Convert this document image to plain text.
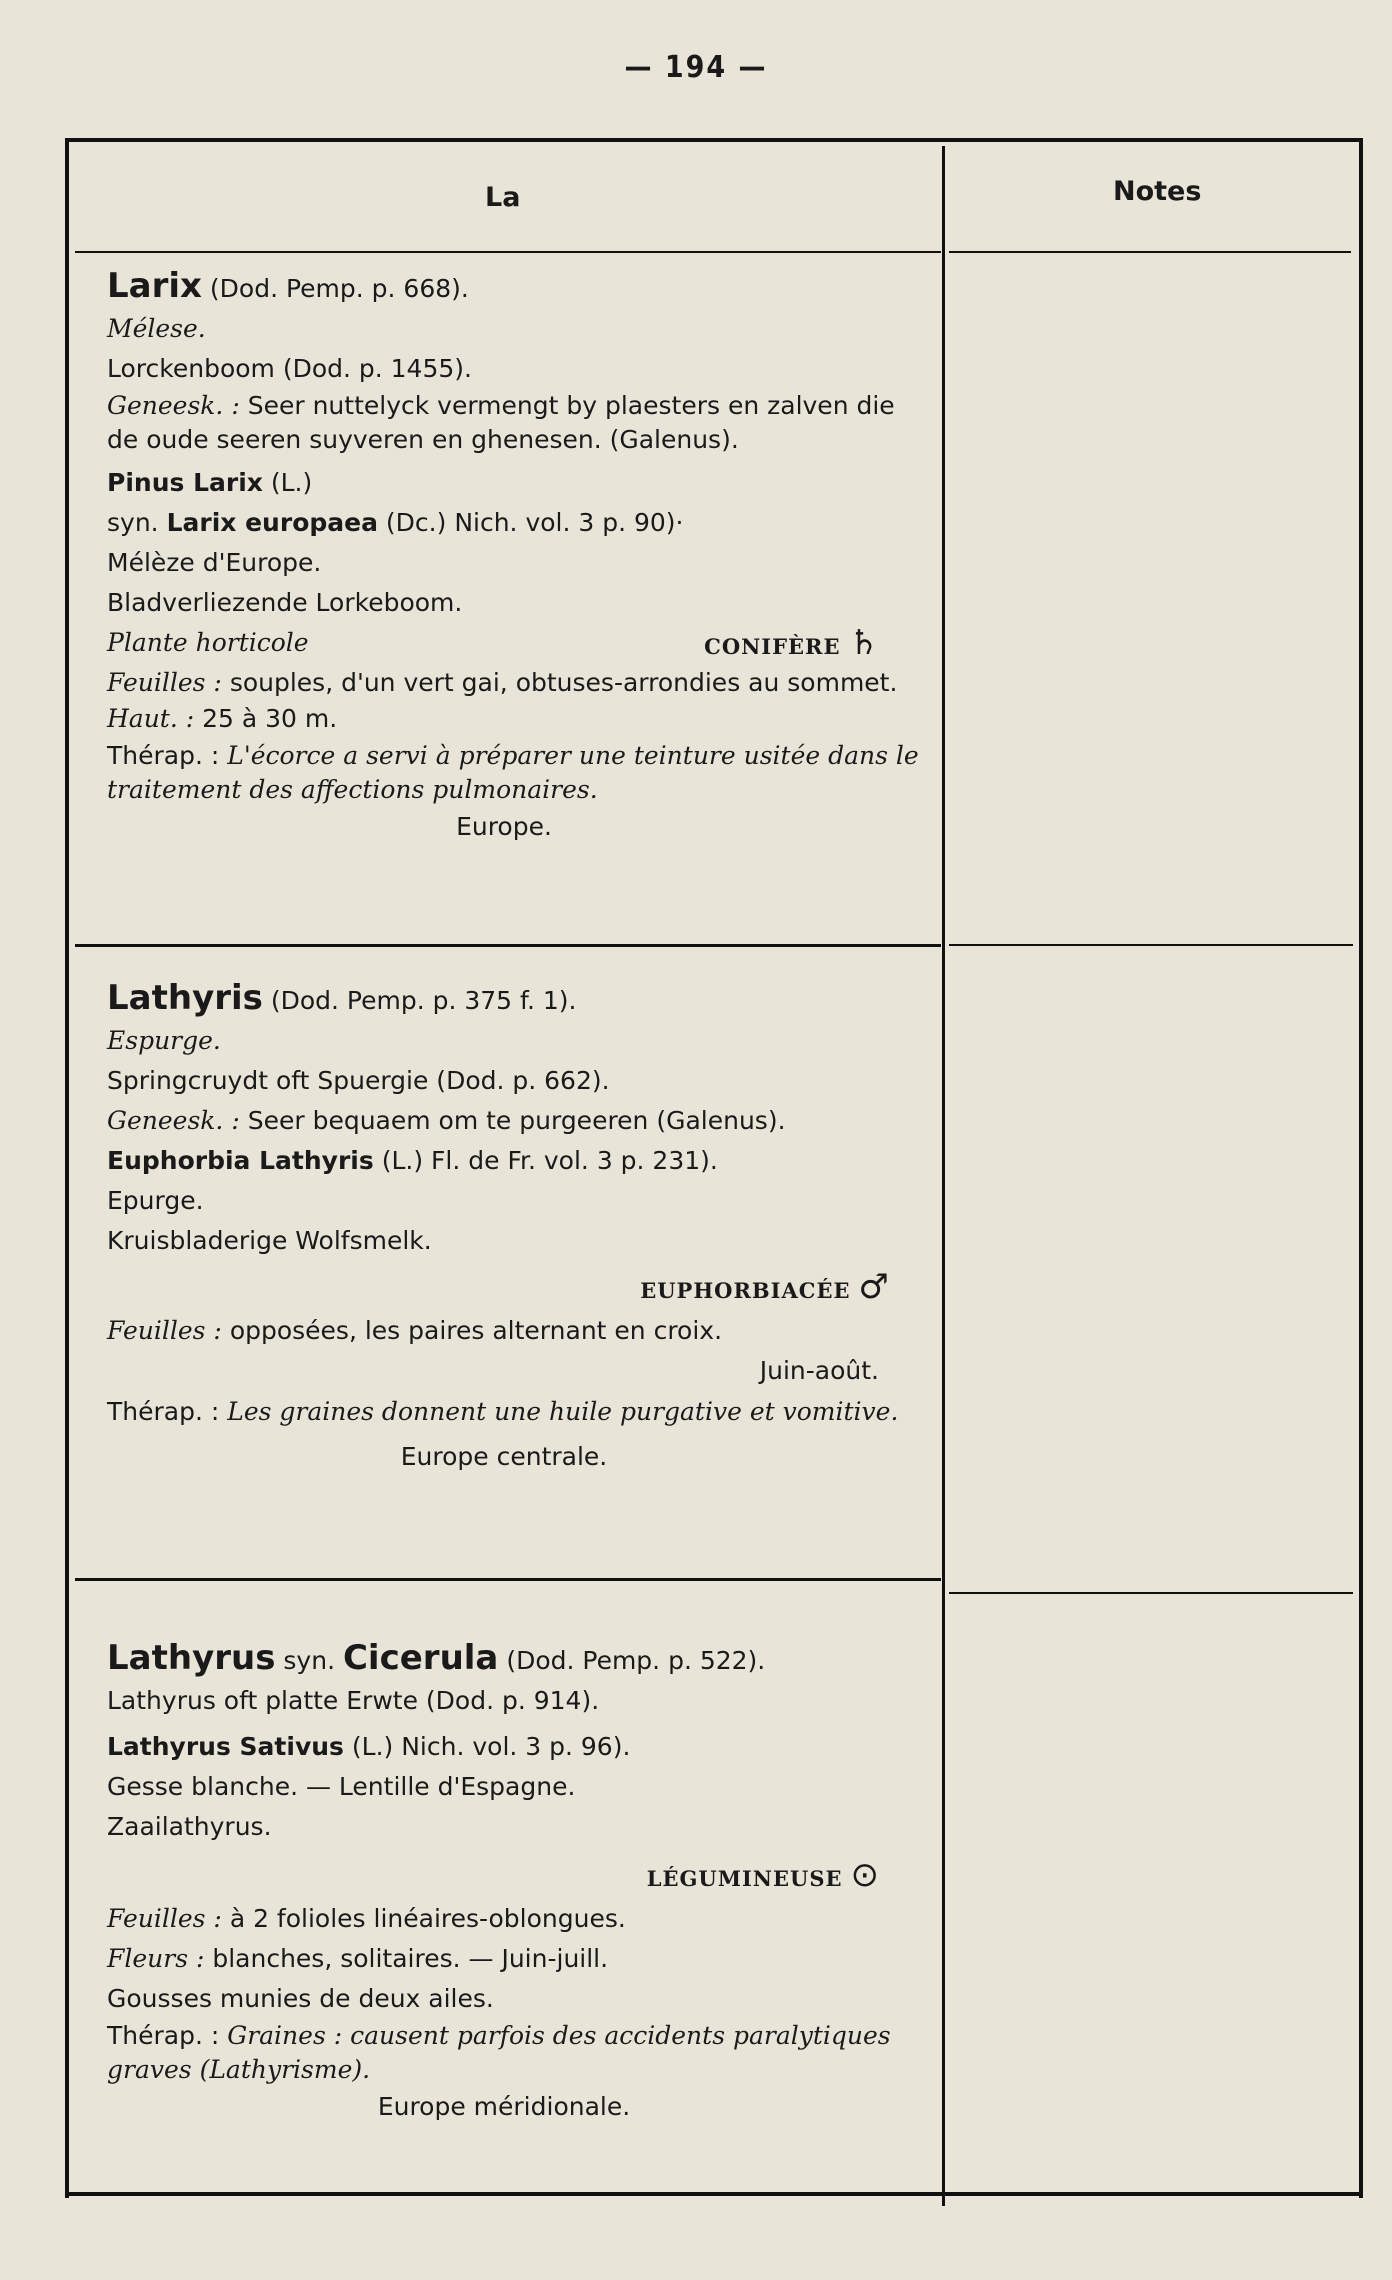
— 194 —
La	Notes

Larix (Dod. Pemp. p. 668).

Mélese.

Lorckenboom (Dod. p. 1455).

Geneesk. : Seer nuttelyck vermengt by plaesters en zalven die de oude seeren suyveren en ghenesen. (Galenus).

Pinus Larix (L.)

syn. Larix europaea (Dc.) Nich. vol. 3 p. 90)·

Mélèze d'Europe.

Bladverliezende Lorkeboom.

Plante horticole	CONIFÈRE ♄

Feuilles : souples, d'un vert gai, obtuses-arrondies au sommet.

Haut. : 25 à 30 m.

Thérap. : L'écorce a servi à préparer une teinture usitée dans le traitement des affections pulmonaires.

Europe.

Lathyris (Dod. Pemp. p. 375 f. 1).

Espurge.

Springcruydt oft Spuergie (Dod. p. 662).

Geneesk. : Seer bequaem om te purgeeren (Galenus).

Euphorbia Lathyris (L.) Fl. de Fr. vol. 3 p. 231).

Epurge.

Kruisbladerige Wolfsmelk.

EUPHORBIACÉE ♂

Feuilles : opposées, les paires alternant en croix.

Juin-août.

Thérap. : Les graines donnent une huile purgative et vomitive.

Europe centrale.

Lathyrus syn. Cicerula (Dod. Pemp. p. 522).

Lathyrus oft platte Erwte (Dod. p. 914).

Lathyrus Sativus (L.) Nich. vol. 3 p. 96).

Gesse blanche. — Lentille d'Espagne.

Zaailathyrus.

LÉGUMINEUSE ⊙

Feuilles : à 2 folioles linéaires-oblongues.

Fleurs : blanches, solitaires. — Juin-juill.

Gousses munies de deux ailes.

Thérap. : Graines : causent parfois des accidents paralytiques graves (Lathyrisme).

Europe méridionale.
